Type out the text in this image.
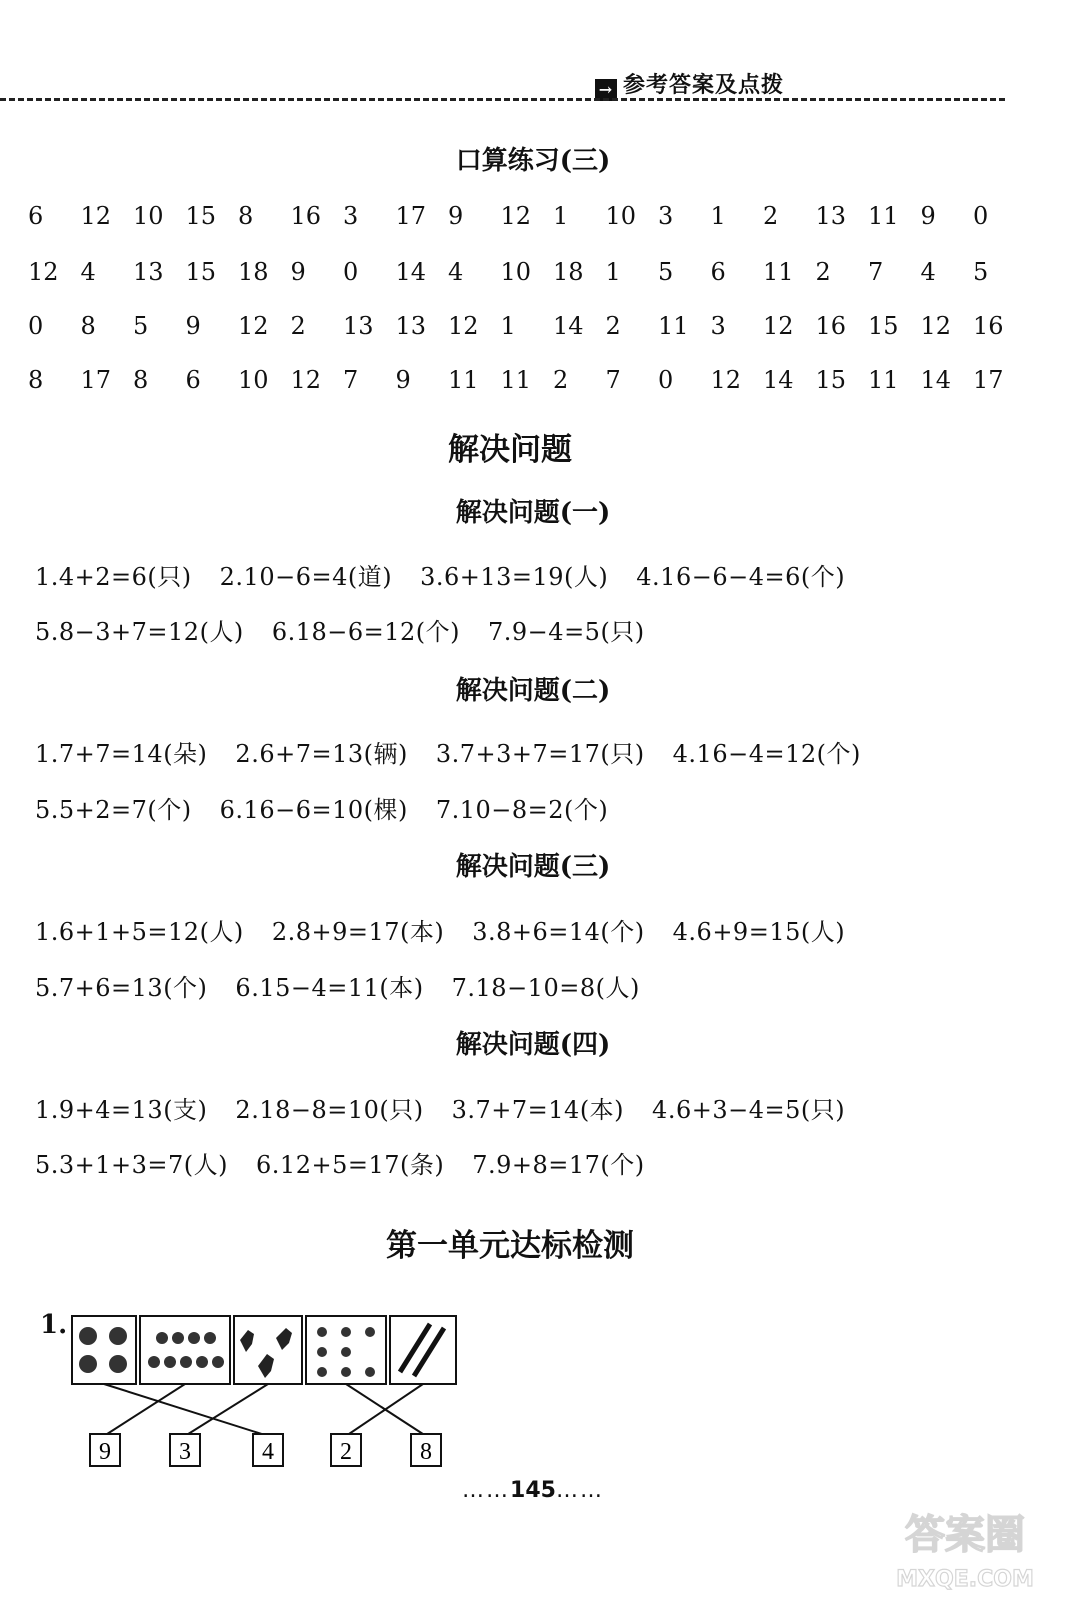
→ 参考答案及点拨
口算练习(三)
6 12 10 15 8 16 3 17 9 12 1 10 3 1 2 13 11 9 0
12 4 13 15 18 9 0 14 4 10 18 1 5 6 11 2 7 4 5
0 8 5 9 12 2 13 13 12 1 14 2 11 3 12 16 15 12 16
8 17 8 6 10 12 7 9 11 11 2 7 0 12 14 15 11 14 17
解决问题
解决问题(一)
1.4+2=6(只) 2.10−6=4(道) 3.6+13=19(人) 4.16−6−4=6(个)
5.8−3+7=12(人) 6.18−6=12(个) 7.9−4=5(只)
解决问题(二)
1.7+7=14(朵) 2.6+7=13(辆) 3.7+3+7=17(只) 4.16−4=12(个)
5.5+2=7(个) 6.16−6=10(棵) 7.10−8=2(个)
解决问题(三)
1.6+1+5=12(人) 2.8+9=17(本) 3.8+6=14(个) 4.6+9=15(人)
5.7+6=13(个) 6.15−4=11(本) 7.18−10=8(人)
解决问题(四)
1.9+4=13(支) 2.18−8=10(只) 3.7+7=14(本) 4.6+3−4=5(只)
5.3+1+3=7(人) 6.12+5=17(条) 7.9+8=17(个)
第一单元达标检测
1.
9	3	4	2	8
……145……
答案圈
MXQE.COM
